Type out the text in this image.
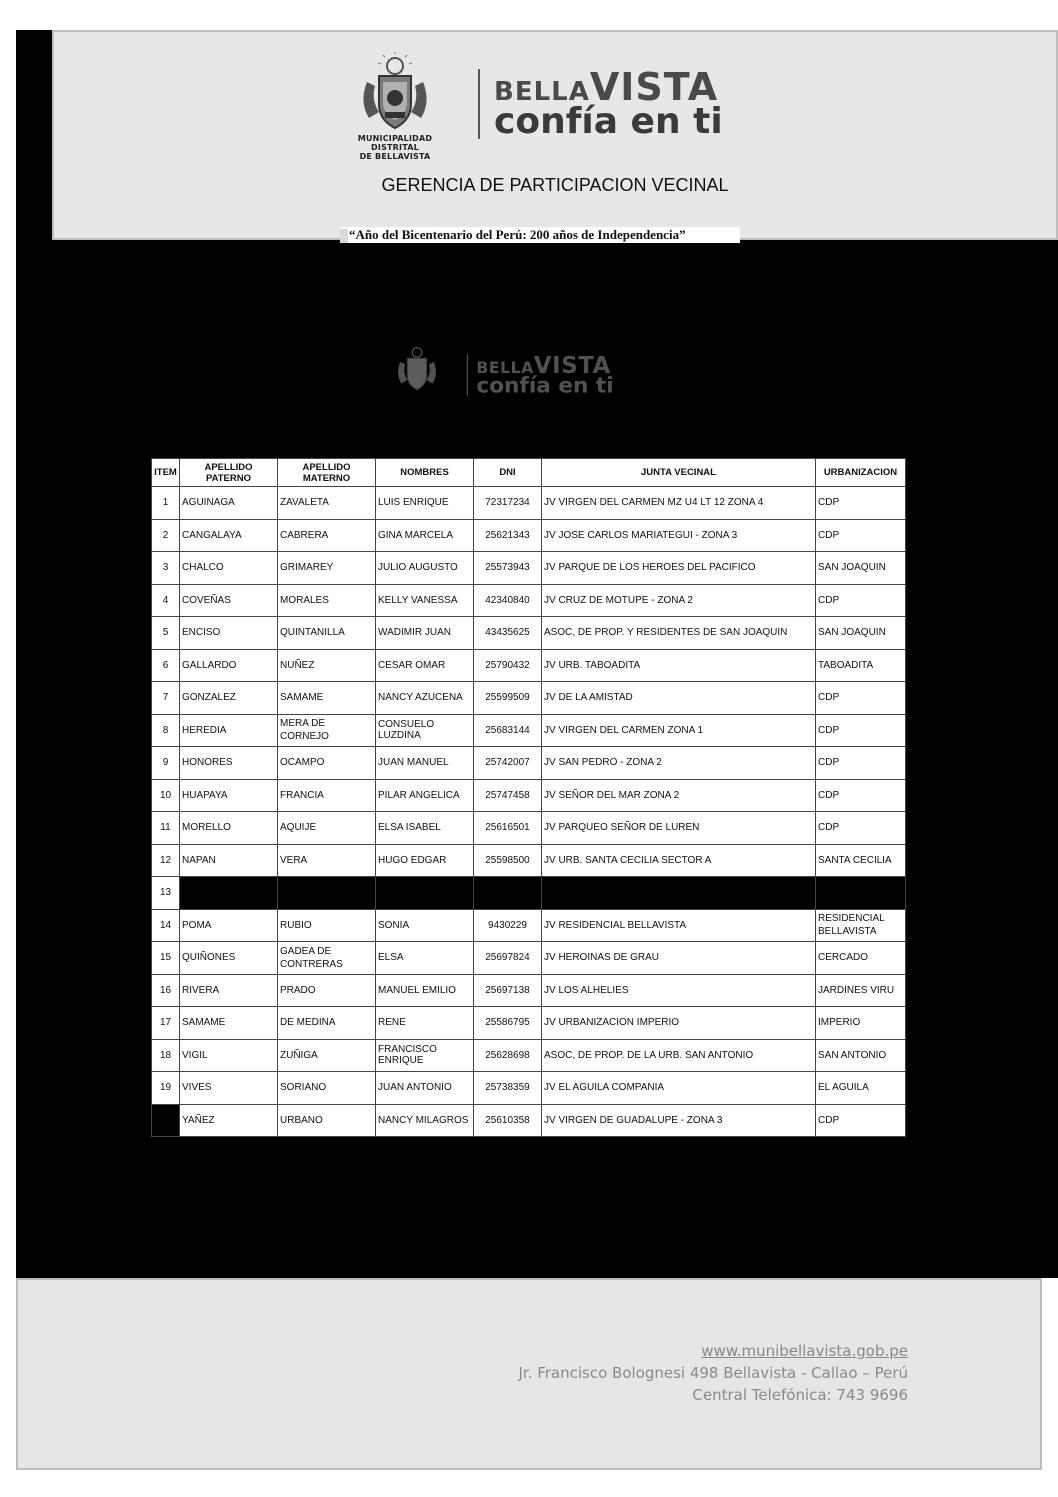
MUNICIPALIDAD DISTRITAL
DE BELLAVISTA
BELLAVISTA
confía en ti
GERENCIA DE PARTICIPACION VECINAL
“Año del Bicentenario del Perú: 200 años de Independencia”
BELLAVISTA
confía en ti
ITEM	APELLIDO PATERNO	APELLIDO MATERNO	NOMBRES	DNI	JUNTA VECINAL	URBANIZACION
1	AGUINAGA	ZAVALETA	LUIS ENRIQUE	72317234	JV VIRGEN DEL CARMEN MZ U4 LT 12 ZONA 4	CDP
2	CANGALAYA	CABRERA	GINA MARCELA	25621343	JV JOSE CARLOS MARIATEGUI - ZONA 3	CDP
3	CHALCO	GRIMAREY	JULIO AUGUSTO	25573943	JV PARQUE DE LOS HEROES DEL PACIFICO	SAN JOAQUIN
4	COVEÑAS	MORALES	KELLY VANESSA	42340840	JV CRUZ DE MOTUPE - ZONA 2	CDP
5	ENCISO	QUINTANILLA	WADIMIR JUAN	43435625	ASOC, DE PROP. Y RESIDENTES DE SAN JOAQUIN	SAN JOAQUIN
6	GALLARDO	NUÑEZ	CESAR OMAR	25790432	JV URB. TABOADITA	TABOADITA
7	GONZALEZ	SAMAME	NANCY AZUCENA	25599509	JV DE LA AMISTAD	CDP
8	HEREDIA	MERA DE CORNEJO	CONSUELO LUZDINA	25683144	JV VIRGEN DEL CARMEN ZONA 1	CDP
9	HONORES	OCAMPO	JUAN MANUEL	25742007	JV SAN PEDRO - ZONA 2	CDP
10	HUAPAYA	FRANCIA	PILAR ANGELICA	25747458	JV SEÑOR DEL MAR ZONA 2	CDP
11	MORELLO	AQUIJE	ELSA ISABEL	25616501	JV PARQUEO SEÑOR DE LUREN	CDP
12	NAPAN	VERA	HUGO EDGAR	25598500	JV URB. SANTA CECILIA SECTOR A	SANTA CECILIA
13						
14	POMA	RUBIO	SONIA	9430229	JV RESIDENCIAL BELLAVISTA	RESIDENCIAL BELLAVISTA
15	QUIÑONES	GADEA DE CONTRERAS	ELSA	25697824	JV HEROINAS DE GRAU	CERCADO
16	RIVERA	PRADO	MANUEL EMILIO	25697138	JV LOS ALHELIES	JARDINES VIRU
17	SAMAME	DE MEDINA	RENE	25586795	JV URBANIZACION IMPERIO	IMPERIO
18	VIGIL	ZUÑIGA	FRANCISCO ENRIQUE	25628698	ASOC, DE PROP. DE LA URB. SAN ANTONIO	SAN ANTONIO
19	VIVES	SORIANO	JUAN ANTONIO	25738359	JV EL AGUILA COMPANIA	EL AGUILA
	YAÑEZ	URBANO	NANCY MILAGROS	25610358	JV VIRGEN DE GUADALUPE - ZONA 3	CDP
www.munibellavista.gob.pe
Jr. Francisco Bolognesi 498 Bellavista - Callao – Perú
Central Telefónica: 743 9696
